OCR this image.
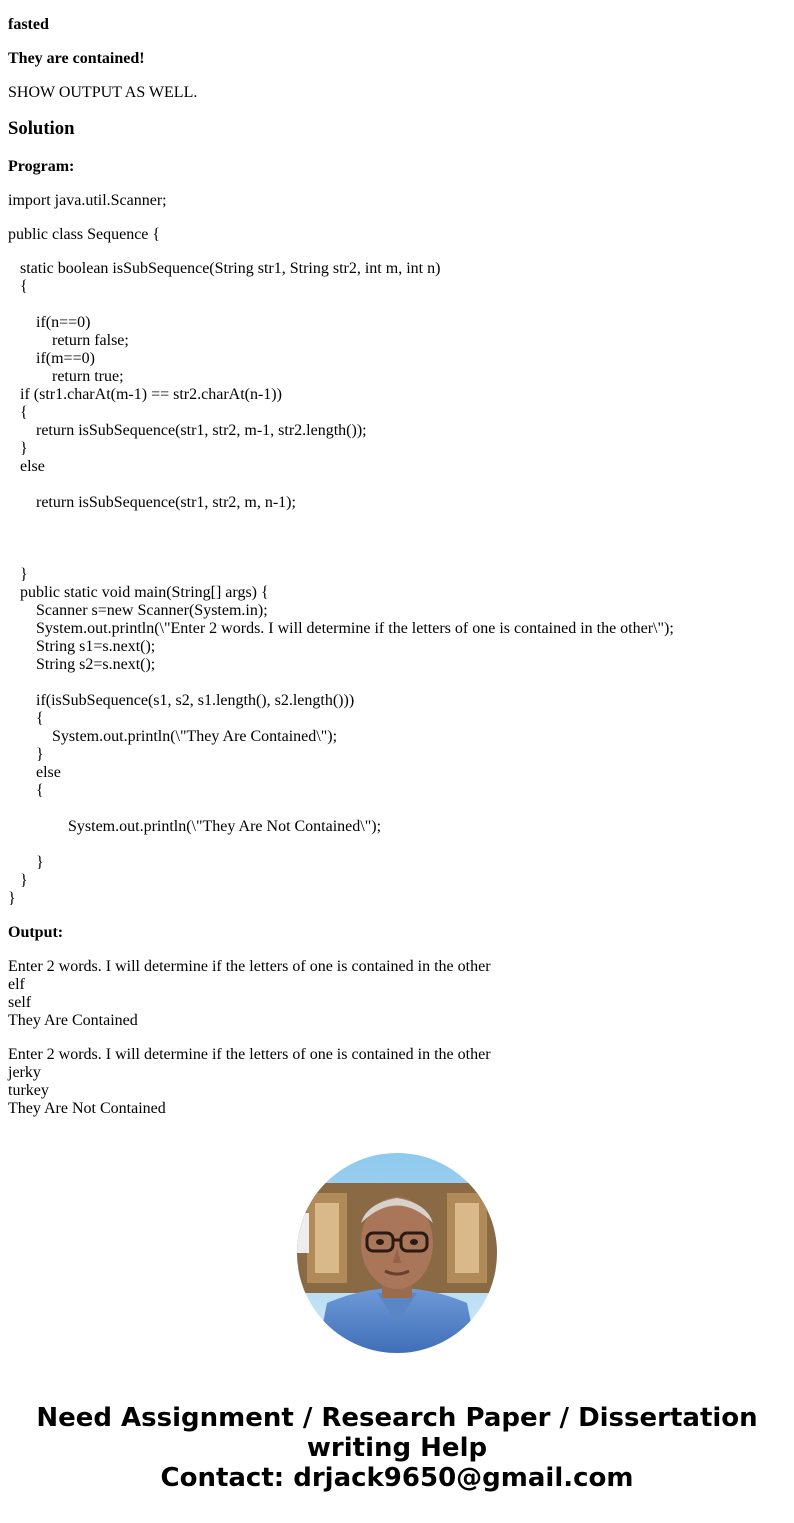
fasted

They are contained!

SHOW OUTPUT AS WELL.

Solution

Program:

import java.util.Scanner;

public class Sequence {

static boolean isSubSequence(String str1, String str2, int m, int n)
{
if(n==0)
return false;
if(m==0)
return true;
if (str1.charAt(m-1) == str2.charAt(n-1))
{
return isSubSequence(str1, str2, m-1, str2.length());
}
else
return isSubSequence(str1, str2, m, n-1);
}
public static void main(String[] args) {
Scanner s=new Scanner(System.in);
System.out.println(\"Enter 2 words. I will determine if the letters of one is contained in the other\");
String s1=s.next();
String s2=s.next();
if(isSubSequence(s1, s2, s1.length(), s2.length()))
{
System.out.println(\"They Are Contained\");
}
else
{
System.out.println(\"They Are Not Contained\");
}
}
}

Output:

Enter 2 words. I will determine if the letters of one is contained in the other
elf
self
They Are Contained
Enter 2 words. I will determine if the letters of one is contained in the other
jerky
turkey
They Are Not Contained
Need Assignment / Research Paper / Dissertation
writing Help
Contact: drjack9650@gmail.com
